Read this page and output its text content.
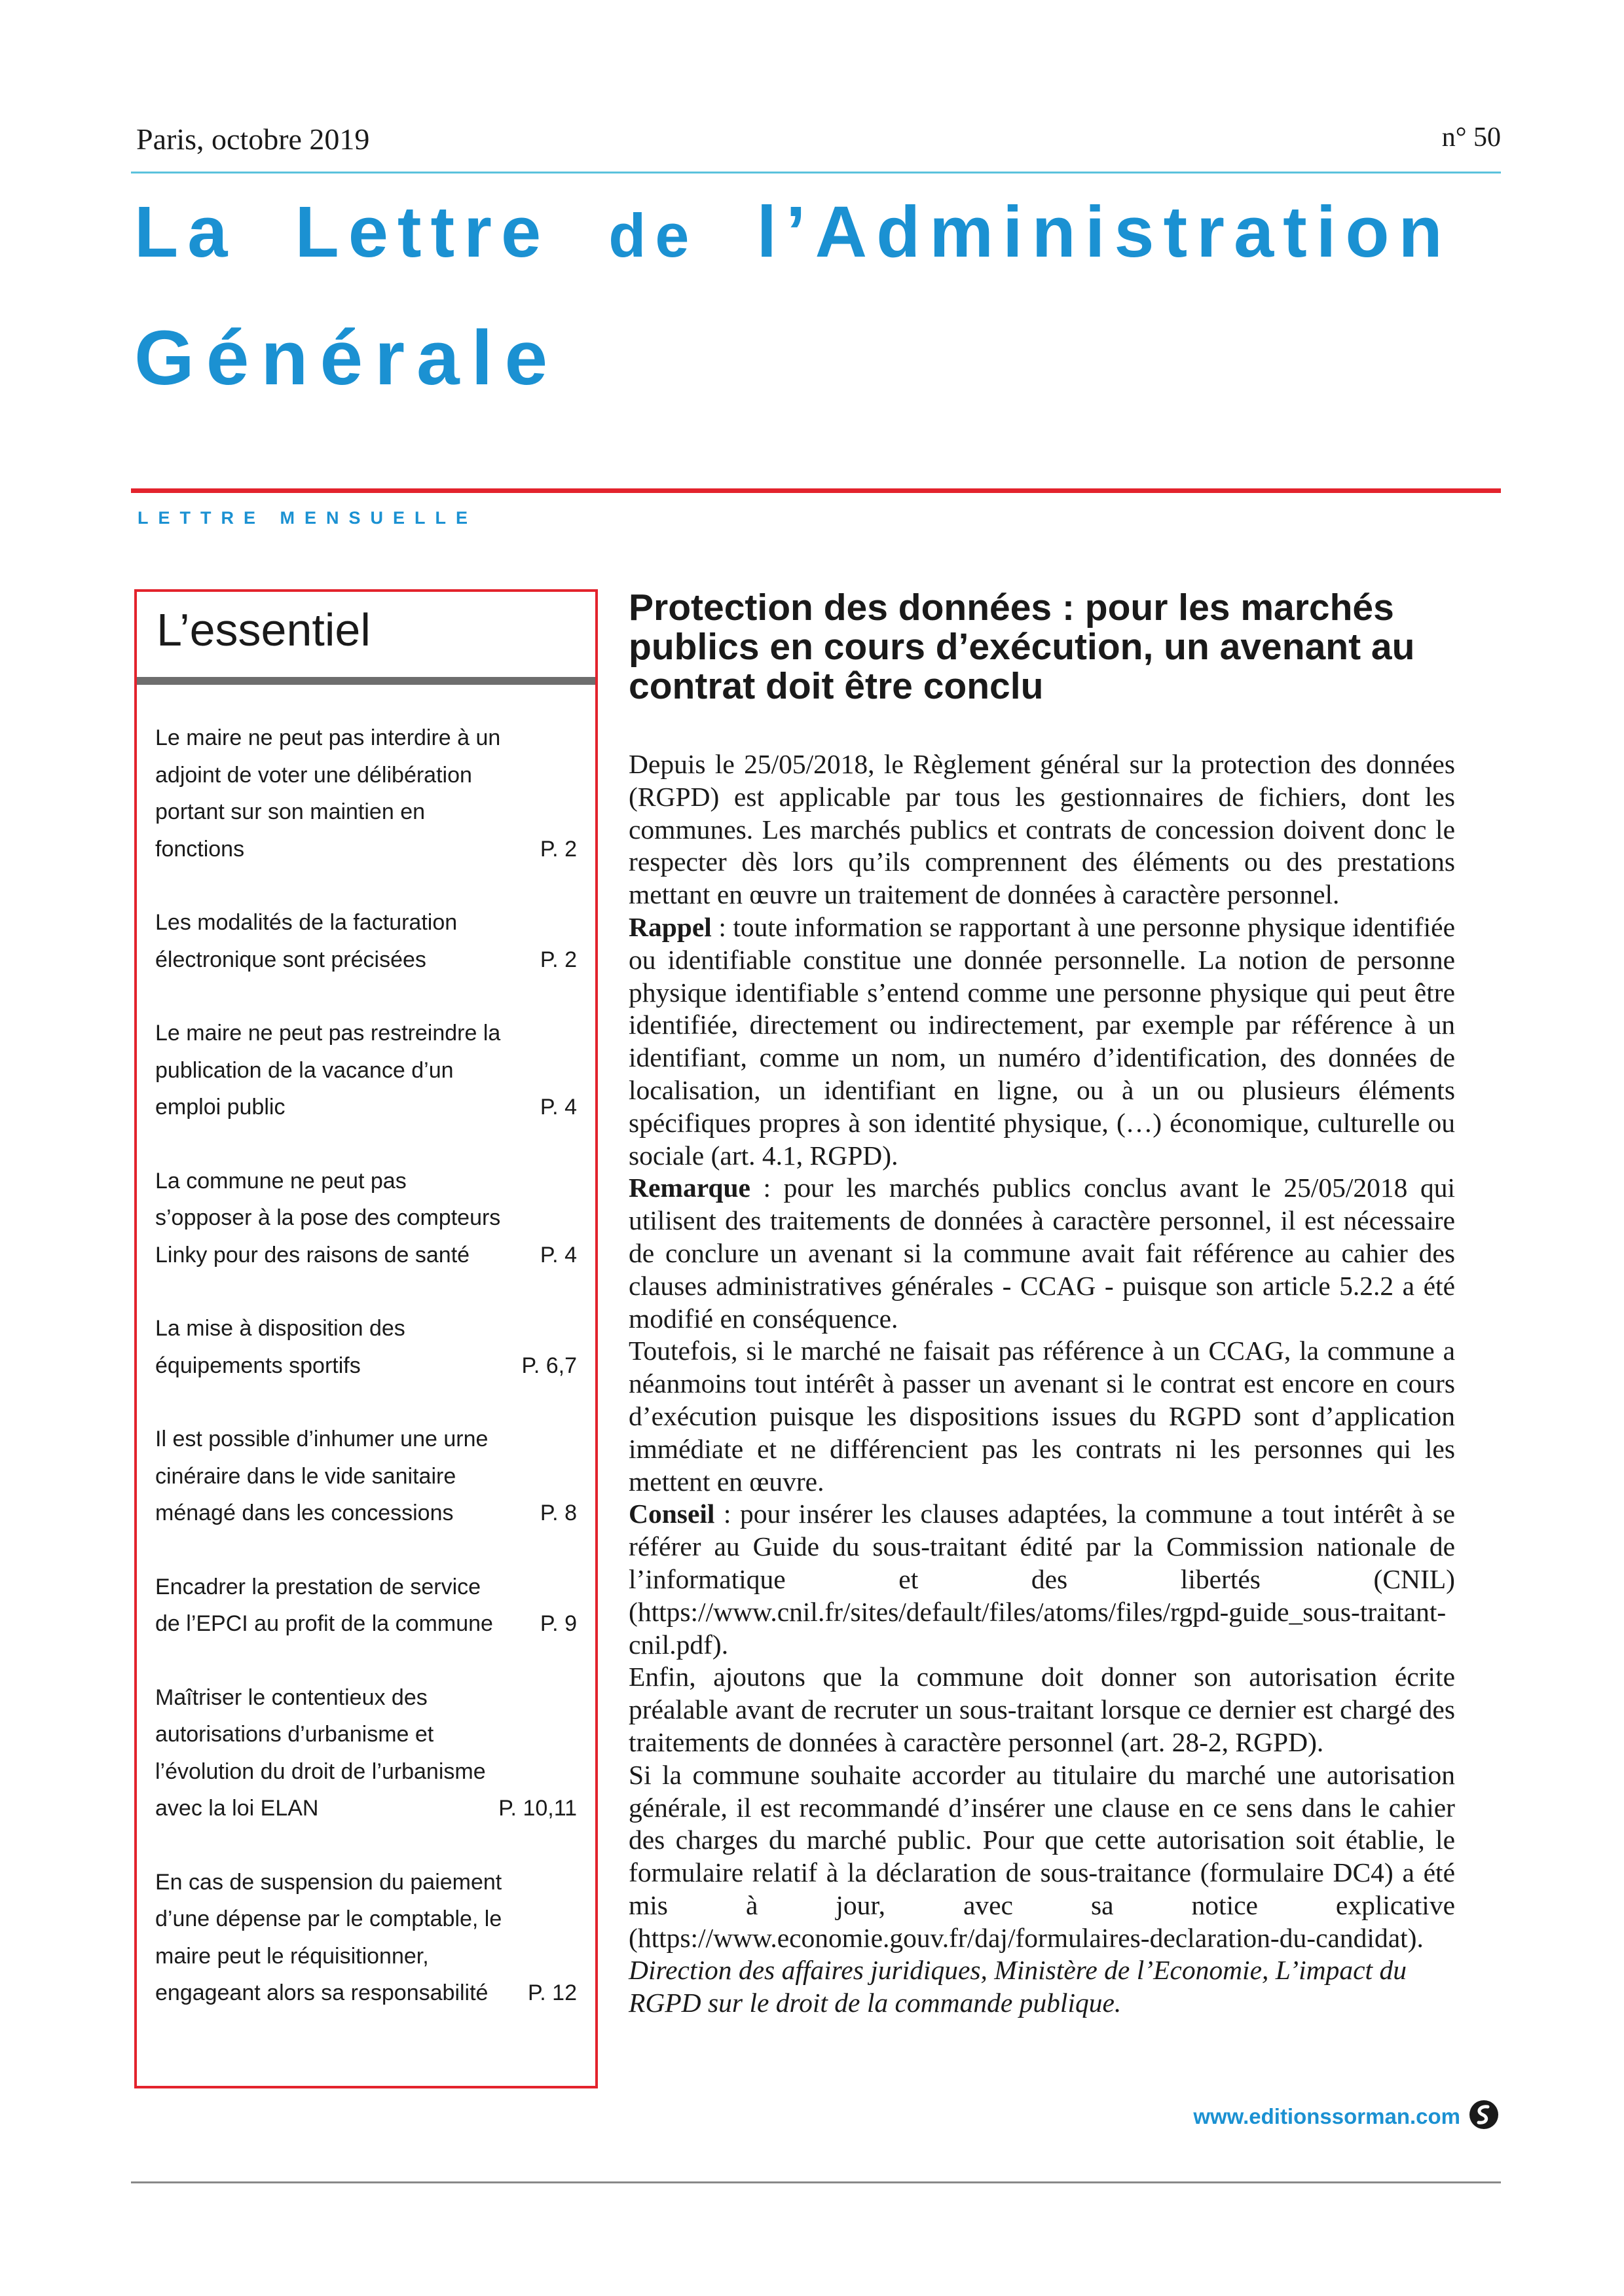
Paris, octobre 2019	n° 50
La Lettre de l’Administration
Générale
LETTRE MENSUELLE
L’essentiel
Le maire ne peut pas interdire à un adjoint de voter une délibération portant sur son maintien en fonctions	P. 2
Les modalités de la facturation électronique sont précisées	P. 2
Le maire ne peut pas restreindre la publication de la vacance d’un emploi public	P. 4
La commune ne peut pas s’opposer à la pose des compteurs Linky pour des raisons de santé	P. 4
La mise à disposition des équipements sportifs	P. 6,7
Il est possible d’inhumer une urne cinéraire dans le vide sanitaire ménagé dans les concessions	P. 8
Encadrer la prestation de service de l’EPCI au profit de la commune	P. 9
Maîtriser le contentieux des autorisations d’urbanisme et l’évolution du droit de l’urbanisme avec la loi ELAN	P. 10,11
En cas de suspension du paiement d’une dépense par le comptable, le maire peut le réquisitionner, engageant alors sa responsabilité	P. 12
Protection des données : pour les marchés publics en cours d’exécution, un avenant au contrat doit être conclu

Depuis le 25/05/2018, le Règlement général sur la protection des données (RGPD) est applicable par tous les gestionnaires de fichiers, dont les communes. Les marchés publics et contrats de concession doivent donc le respecter dès lors qu’ils comprennent des éléments ou des prestations mettant en œuvre un traitement de données à caractère personnel.

Rappel : toute information se rapportant à une personne physique identifiée ou identifiable constitue une donnée personnelle. La notion de personne physique identifiable s’entend comme une personne physique qui peut être identifiée, directement ou indirectement, par exemple par référence à un identifiant, comme un nom, un numéro d’identification, des données de localisation, un identifiant en ligne, ou à un ou plusieurs éléments spécifiques propres à son identité physique, (…) économique, culturelle ou sociale (art. 4.1, RGPD).

Remarque : pour les marchés publics conclus avant le 25/05/2018 qui utilisent des traitements de données à caractère personnel, il est nécessaire de conclure un avenant si la commune avait fait référence au cahier des clauses administratives générales - CCAG - puisque son article 5.2.2 a été modifié en conséquence.

Toutefois, si le marché ne faisait pas référence à un CCAG, la commune a néanmoins tout intérêt à passer un avenant si le contrat est encore en cours d’exécution puisque les dispositions issues du RGPD sont d’application immédiate et ne différencient pas les contrats ni les personnes qui les mettent en œuvre.

Conseil : pour insérer les clauses adaptées, la commune a tout intérêt à se référer au Guide du sous-traitant édité par la Commission nationale de l’informatique et des libertés (CNIL) (https://www.cnil.fr/sites/default/files/atoms/files/rgpd-guide_sous-traitant-cnil.pdf).

Enfin, ajoutons que la commune doit donner son autorisation écrite préalable avant de recruter un sous-traitant lorsque ce dernier est chargé des traitements de données à caractère personnel (art. 28-2, RGPD).

Si la commune souhaite accorder au titulaire du marché une autorisation générale, il est recommandé d’insérer une clause en ce sens dans le cahier des charges du marché public. Pour que cette autorisation soit établie, le formulaire relatif à la déclaration de sous-traitance (formulaire DC4) a été mis à jour, avec sa notice explicative (https://www.economie.gouv.fr/daj/formulaires-declaration-du-candidat).

Direction des affaires juridiques, Ministère de l’Economie, L’impact du RGPD sur le droit de la commande publique.

www.editionssorman.com
